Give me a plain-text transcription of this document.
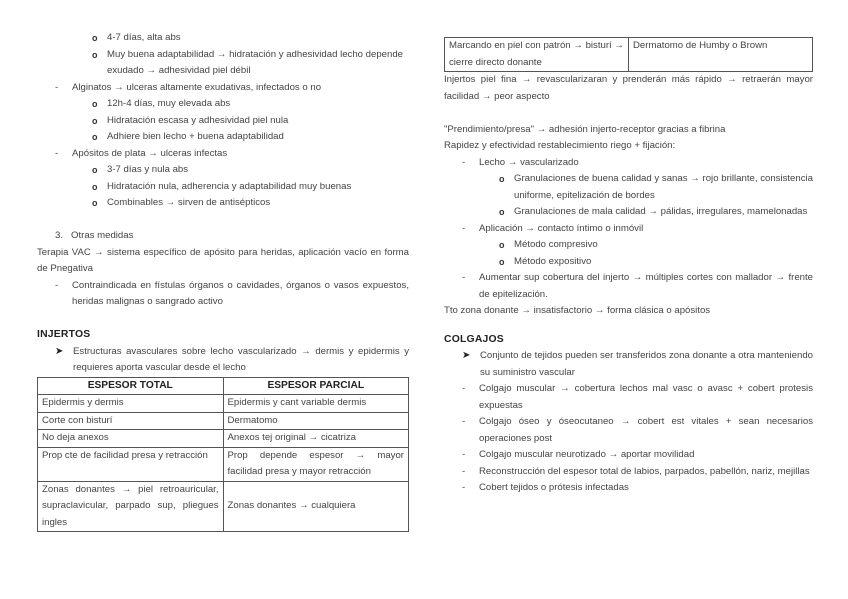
o 4-7 días, alta abs
o Muy buena adaptabilidad → hidratación y adhesividad lecho depende exudado → adhesividad piel débil
-	Alginatos → ulceras altamente exudativas, infectados o no
o 12h-4 días, muy elevada abs
o Hidratación escasa y adhesividad piel nula
o Adhiere bien lecho + buena adaptabilidad
-	Apósitos de plata → ulceras infectas
o 3-7 días y nula abs
o Hidratación nula, adherencia y adaptabilidad muy buenas
o Combinables → sirven de antisépticos
3. Otras medidas

Terapia VAC → sistema específico de apósito para heridas, aplicación vacío en forma de Pnegativa

-	Contraindicada en fístulas órganos o cavidades, órganos o vasos expuestos, heridas malignas o sangrado activo

INJERTOS

➤	Estructuras avasculares sobre lecho vascularizado → dermis y epidermis y requieres aporta vascular desde el lecho
ESPESOR TOTAL	ESPESOR PARCIAL
Epidermis y dermis	Epidermis y cant variable dermis
Corte con bisturí	Dermatomo
No deja anexos	Anexos tej original → cicatriza
Prop cte de facilidad presa y retracción	Prop depende espesor → mayor facilidad presa y mayor retracción
Zonas donantes → piel retroauricular, supraclavicular, parpado sup, pliegues ingles	Zonas donantes → cualquiera
Marcando en piel con patrón → bisturí → cierre directo donante	Dermatomo de Humby o Brown

Injertos piel fina → revascularizaran y prenderán más rápido → retraerán mayor facilidad → peor aspecto

"Prendimiento/presa" → adhesión injerto-receptor gracias a fibrina

Rapidez y efectividad restablecimiento riego + fijación:

-	Lecho → vascularizado
o Granulaciones de buena calidad y sanas → rojo brillante, consistencia uniforme, epitelización de bordes
o Granulaciones de mala calidad → pálidas, irregulares, mamelonadas
-	Aplicación → contacto íntimo o inmóvil
o Método compresivo
o Método expositivo
-	Aumentar sup cobertura del injerto → múltiples cortes con mallador → frente de epitelización.

Tto zona donante → insatisfactorio → forma clásica o apósitos

COLGAJOS

➤	Conjunto de tejidos pueden ser transferidos zona donante a otra manteniendo su suministro vascular
-	Colgajo muscular → cobertura lechos mal vasc o avasc + cobert protesis expuestas
-	Colgajo óseo y óseocutaneo → cobert est vitales + sean necesarios operaciones post
-	Colgajo muscular neurotizado → aportar movilidad
-	Reconstrucción del espesor total de labios, parpados, pabellón, nariz, mejillas
-	Cobert tejidos o prótesis infectadas
